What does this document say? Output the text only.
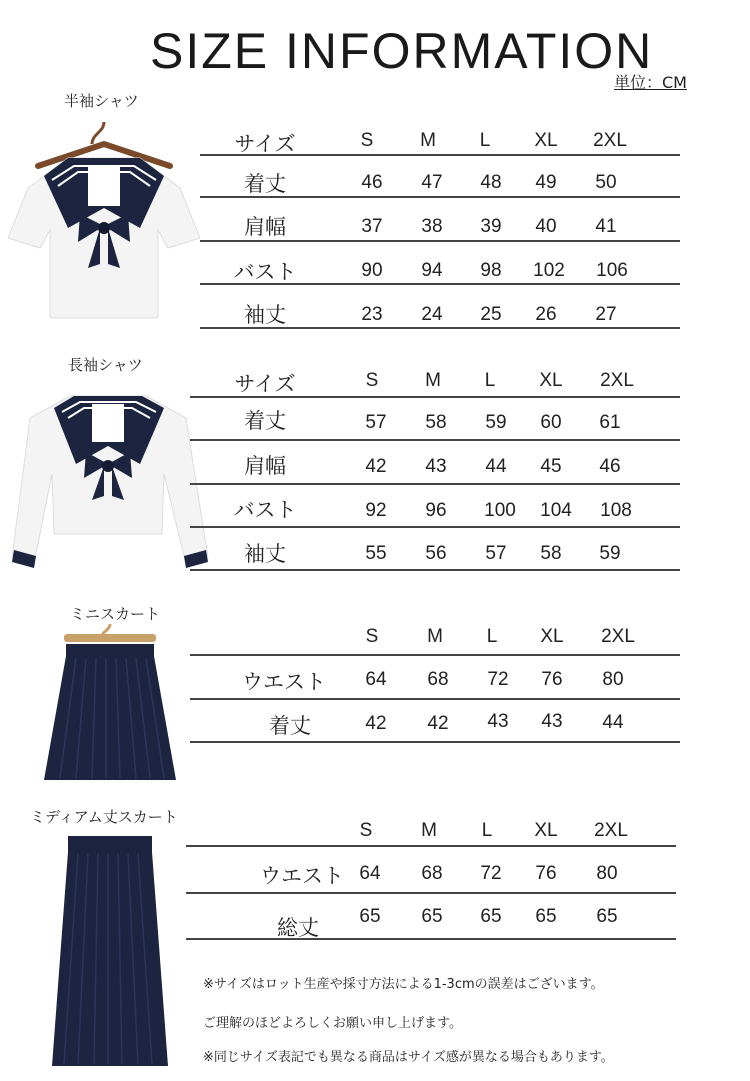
SIZE INFORMATION
単位：CM
半袖シャツ
サイズ	S	M	L	XL	2XL
着丈	46	47	48	49	50
肩幅	37	38	39	40	41
バスト	90	94	98	102	106
袖丈	23	24	25	26	27
長袖シャツ
サイズ	S	M	L	XL	2XL
着丈	57	58	59	60	61
肩幅	42	43	44	45	46
バスト	92	96	100	104	108
袖丈	55	56	57	58	59
ミニスカート
S	M	L	XL	2XL
ウエスト	64	68	72	76	80
着丈	42	42	43	43	44
ミディアム丈スカート
S	M	L	XL	2XL
ウエスト 64	68	72	76	80
総丈	65	65	65	65	65
※サイズはロット生産や採寸方法による1-3cmの誤差はございます。
ご理解のほどよろしくお願い申し上げます。
※同じサイズ表記でも異なる商品はサイズ感が異なる場合もあります。
